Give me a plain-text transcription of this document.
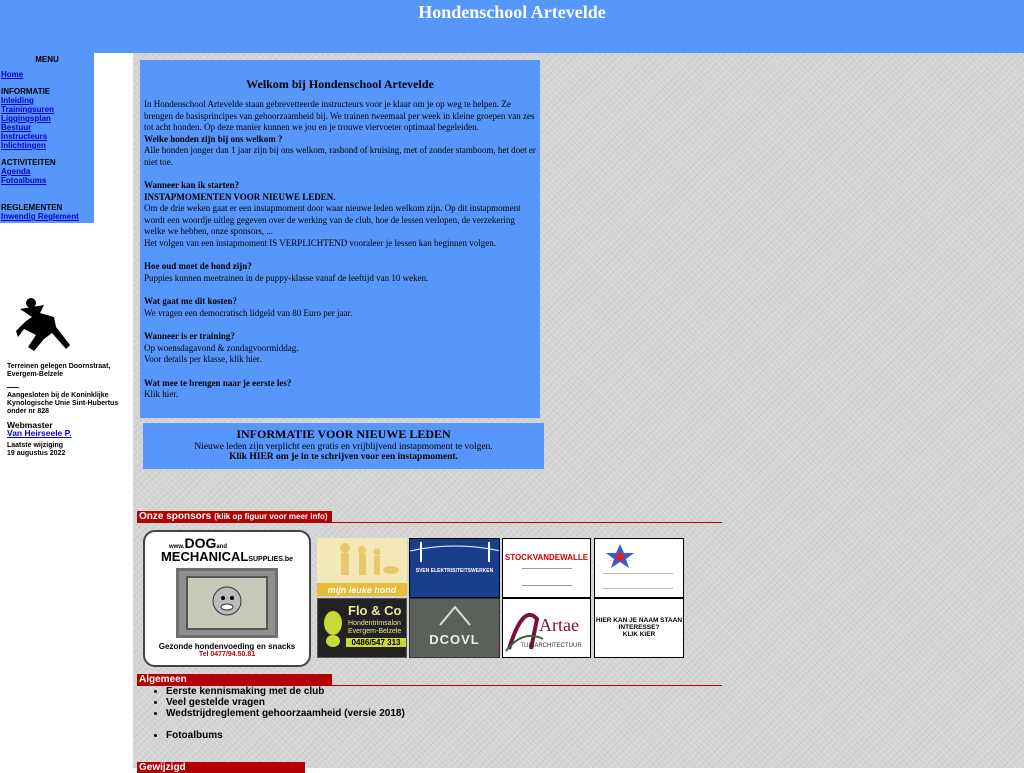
Hondenschool Artevelde
MENU
Home
INFORMATIE
Inleiding
Trainingsuren
Liggingsplan
Bestuur
Instructeurs
Inlichtingen
ACTIVITEITEN
Agenda
Fotoalbums
REGLEMENTEN
Inwendig Reglement
Terreinen gelegen Doornstraat, Evergem-Belzele
Aangesloten bij de Koninklijke Kynologische Unie Sint-Hubertus onder nr 828
Webmaster
Van Heirseele P.
Laatste wijziging
19 augustus 2022
Welkom bij Hondenschool Artevelde

In Hondenschool Artevelde staan gebrevetteerde instructeurs voor je klaar om je op weg te helpen. Ze brengen de basisprincipes van gehoorzaamheid bij. We trainen tweemaal per week in kleine groepen van zes tot acht honden. Op deze manier kunnen we jou en je trouwe viervoeter optimaal begeleiden.

Welke honden zijn bij ons welkom ?

Alle honden jonger dan 1 jaar zijn bij ons welkom, rashond of kruising, met of zonder stamboom, het doet er niet toe.

Wanneer kan ik starten?

INSTAPMOMENTEN VOOR NIEUWE LEDEN.

Om de drie weken gaat er een instapmoment door waar nieuwe leden welkom zijn. Op dit instapmoment wordt een woordje uitleg gegeven over de werking van de club, hoe de lessen verlopen, de verzekering welke we hebben, onze sponsors, ...

Het volgen van een instapmoment IS VERPLICHTEND vooraleer je lessen kan beginnen volgen.

Hoe oud moet de hond zijn?

Puppies kunnen meetrainen in de puppy-klasse vanaf de leeftijd van 10 weken.

Wat gaat me dit kosten?

We vragen een democratisch lidgeld van 80 Euro per jaar.

Wanneer is er training?

Op woensdagavond & zondagvoormiddag.

Voor details per klasse, klik hier.

Wat mee te brengen naar je eerste les?

Klik hier.

INFORMATIE VOOR NIEUWE LEDEN
Nieuwe leden zijn verplicht een gratis en vrijblijvend instapmoment te volgen.
Klik HIER om je in te schrijven voor een instapmoment.
Onze sponsors (klik op figuur voor meer info)
www.DOGand
MECHANICALSUPPLIES.be
Gezonde hondenvoeding en snacks
Tel 0477/94.50.81
mijn leuke hond
SVEN ELEKTRISITEITSWERKEN
STOCKVANDEWALLE
Flo & Co
Hondentrimsalon
Evergem-Belzele
0486/547 313	DCOVL
Artae
TUINARCHITECTUUR
HIER KAN JE NAAM STAAN
INTERESSE?
KLIK KIER
Algemeen
• Eerste kennismaking met de club
• Veel gestelde vragen
• Wedstrijdreglement gehoorzaamheid (versie 2018)
• Fotoalbums
Gewijzigd
